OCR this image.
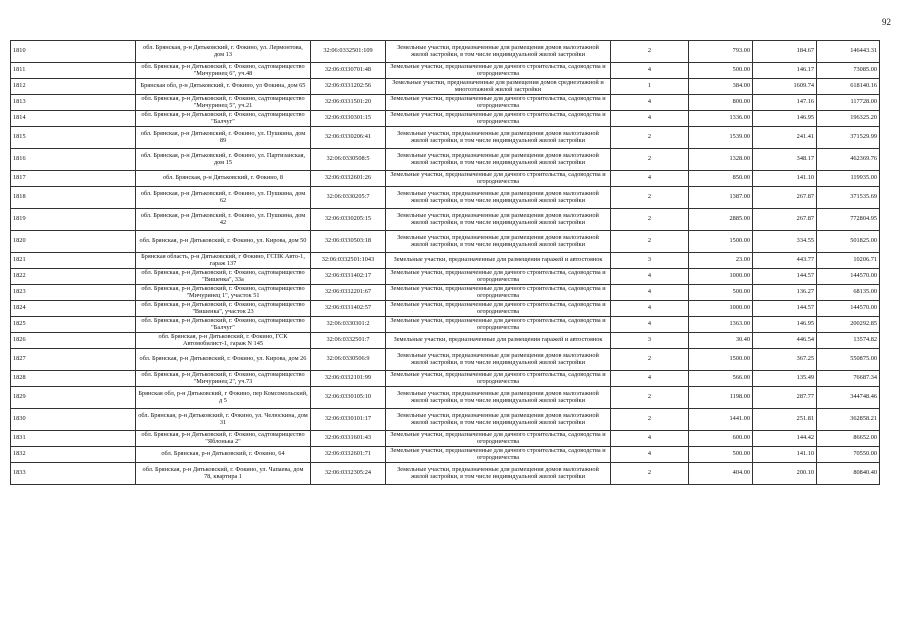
92
1810	обл. Брянская, р-н Дятьковский, г. Фокино, ул. Лермонтова, дом 13	32:06:0332501:109	Земельные участки, предназначенные для размещения домов малоэтажной жилой застройки, в том числе индивидуальной жилой застройки	2	793.00	184.67	146443.31
1811	обл. Брянская, р-н Дятьковский, г. Фокино, садтоварищество "Мичуринец 6", уч.48	32:06:0330701:48	Земельные участки, предназначенные для дачного строительства, садоводства и огородничества	4	500.00	146.17	73085.00
1812	Брянская обл, р-н Дятьковский, г. Фокино, ул Фокина, дом 65	32:06:0331202:56	Земельные участки, предназначенные для размещения домов среднеэтажной и многоэтажной жилой застройки	1	384.00	1609.74	618140.16
1813	обл. Брянская, р-н Дятьковский, г. Фокино, садтоварищество "Мичуринец 5", уч.21	32:06:0331501:20	Земельные участки, предназначенные для дачного строительства, садоводства и огородничества	4	800.00	147.16	117728.00
1814	обл. Брянская, р-н Дятьковский, г. Фокино, садтоварищество "Балчуг"	32:06:0330301:15	Земельные участки, предназначенные для дачного строительства, садоводства и огородничества	4	1336.00	146.95	196325.20
1815	обл. Брянская, р-н Дятьковский, г. Фокино, ул. Пушкина, дом 89	32:06:0330206:41	Земельные участки, предназначенные для размещения домов малоэтажной жилой застройки, в том числе индивидуальной жилой застройки	2	1539.00	241.41	371529.99
1816	обл. Брянская, р-н Дятьковский, г. Фокино, ул. Партизанская, дом 15	32:06:0330508:5	Земельные участки, предназначенные для размещения домов малоэтажной жилой застройки, в том числе индивидуальной жилой застройки	2	1328.00	348.17	462369.76
1817	обл. Брянская, р-н Дятьковский, г. Фокино, 8	32:06:0332601:26	Земельные участки, предназначенные для дачного строительства, садоводства и огородничества	4	850.00	141.10	119935.00
1818	обл. Брянская, р-н Дятьковский, г. Фокино, ул. Пушкина, дом 62	32:06:0330205:7	Земельные участки, предназначенные для размещения домов малоэтажной жилой застройки, в том числе индивидуальной жилой застройки	2	1387.00	267.87	371535.69
1819	обл. Брянская, р-н Дятьковский, г. Фокино, ул. Пушкина, дом 42	32:06:0330205:15	Земельные участки, предназначенные для размещения домов малоэтажной жилой застройки, в том числе индивидуальной жилой застройки	2	2885.00	267.87	772804.95
1820	обл. Брянская, р-н Дятьковский, г. Фокино, ул. Кирова, дом 50	32:06:0330503:18	Земельные участки, предназначенные для размещения домов малоэтажной жилой застройки, в том числе индивидуальной жилой застройки	2	1500.00	334.55	501825.00
1821	Брянская область, р-н Дятьковский, г Фокино, ГСПК Авто-1, гараж 137	32:06:0332501:1043	Земельные участки, предназначенные для размещения гаражей и автостоянок	3	23.00	443.77	10206.71
1822	обл. Брянская, р-н Дятьковский, г. Фокино, садтоварищество "Вишенка", 33а	32:06:0331402:17	Земельные участки, предназначенные для дачного строительства, садоводства и огородничества	4	1000.00	144.57	144570.00
1823	обл. Брянская, р-н Дятьковский, г. Фокино, садтоварищество "Мичуринец 1", участок 51	32:06:0332201:67	Земельные участки, предназначенные для дачного строительства, садоводства и огородничества	4	500.00	136.27	68135.00
1824	обл. Брянская, р-н Дятьковский, г. Фокино, садтоварищество "Вишенка", участок 23	32:06:0331402:57	Земельные участки, предназначенные для дачного строительства, садоводства и огородничества	4	1000.00	144.57	144570.00
1825	обл. Брянская, р-н Дятьковский, г. Фокино, садтоварищество "Балчуг"	32:06:0330301:2	Земельные участки, предназначенные для дачного строительства, садоводства и огородничества	4	1363.00	146.95	200292.85
1826	обл. Брянская, р-н Дятьковский, г. Фокино, ГСК Автомобилист-1, гараж N 145	32:06:0332501:7	Земельные участки, предназначенные для размещения гаражей и автостоянок	3	30.40	446.54	13574.82
1827	обл. Брянская, р-н Дятьковский, г. Фокино, ул. Кирова, дом 26	32:06:0330506:9	Земельные участки, предназначенные для размещения домов малоэтажной жилой застройки, в том числе индивидуальной жилой застройки	2	1500.00	367.25	550875.00
1828	обл. Брянская, р-н Дятьковский, г. Фокино, садтоварищество "Мичуринец 2", уч.73	32:06:0332101:99	Земельные участки, предназначенные для дачного строительства, садоводства и огородничества	4	566.00	135.49	76687.34
1829	Брянская обл, р-н Дятьковский, г Фокино, пер Комсомольский, д 5	32:06:0330105:10	Земельные участки, предназначенные для размещения домов малоэтажной жилой застройки, в том числе индивидуальной жилой застройки	2	1198.00	287.77	344748.46
1830	обл. Брянская, р-н Дятьковский, г. Фокино, ул. Челюскина, дом 31	32:06:0330101:17	Земельные участки, предназначенные для размещения домов малоэтажной жилой застройки, в том числе индивидуальной жилой застройки	2	1441.00	251.81	362858.21
1831	обл. Брянская, р-н Дятьковский, г. Фокино, садтоварищество "Яблонька 2"	32:06:0331601:43	Земельные участки, предназначенные для дачного строительства, садоводства и огородничества	4	600.00	144.42	86652.00
1832	обл. Брянская, р-н Дятьковский, г. Фокино, 64	32:06:0332601:71	Земельные участки, предназначенные для дачного строительства, садоводства и огородничества	4	500.00	141.10	70550.00
1833	обл. Брянская, р-н Дятьковский, г. Фокино, ул. Чапаева, дом 78, квартира 1	32:06:0332305:24	Земельные участки, предназначенные для размещения домов малоэтажной жилой застройки, в том числе индивидуальной жилой застройки	2	404.00	200.10	80840.40
